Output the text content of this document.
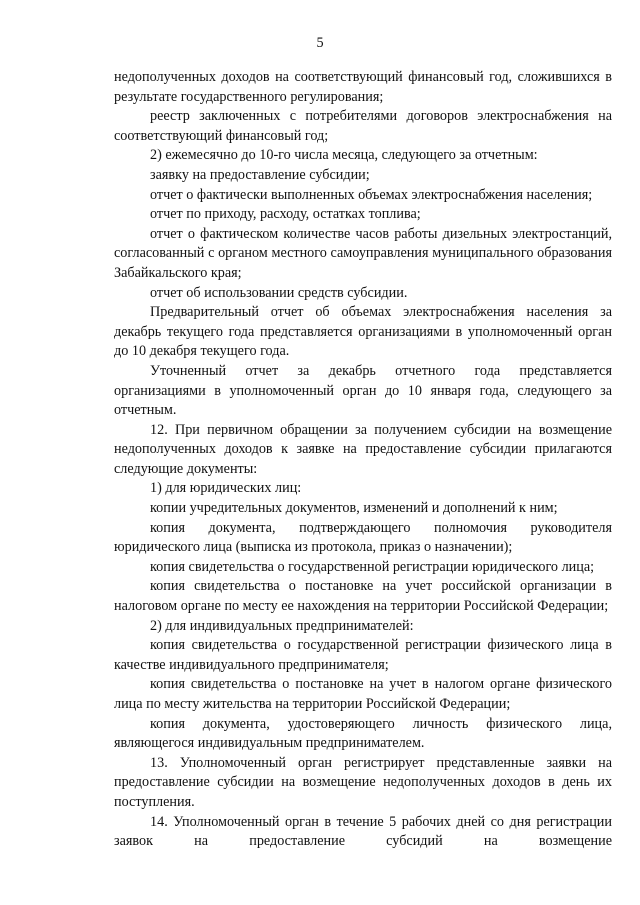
5

недополученных доходов на соответствующий финансовый год, сложившихся в результате государственного регулирования;

реестр заключенных с потребителями договоров электроснабжения на соответствующий финансовый год;

2) ежемесячно до 10-го числа месяца, следующего за отчетным:

заявку на предоставление субсидии;

отчет о фактически выполненных объемах электроснабжения населения;

отчет по приходу, расходу, остатках топлива;

отчет о фактическом количестве часов работы дизельных электростанций, согласованный с органом местного самоуправления муниципального образования Забайкальского края;

отчет об использовании средств субсидии.

Предварительный отчет об объемах электроснабжения населения за декабрь текущего года представляется организациями в уполномоченный орган до 10 декабря текущего года.

Уточненный отчет за декабрь отчетного года представляется организациями в уполномоченный орган до 10 января года, следующего за отчетным.

12. При первичном обращении за получением субсидии на возмещение недополученных доходов к заявке на предоставление субсидии прилагаются следующие документы:

1) для юридических лиц:

копии учредительных документов, изменений и дополнений к ним;

копия документа, подтверждающего полномочия руководителя юридического лица (выписка из протокола, приказ о назначении);

копия свидетельства о государственной регистрации юридического лица;

копия свидетельства о постановке на учет российской организации в налоговом органе по месту ее нахождения на территории Российской Федерации;

2) для индивидуальных предпринимателей:

копия свидетельства о государственной регистрации физического лица в качестве индивидуального предпринимателя;

копия свидетельства о постановке на учет в налогом органе физического лица по месту жительства на территории Российской Федерации;

копия документа, удостоверяющего личность физического лица, являющегося индивидуальным предпринимателем.

13. Уполномоченный орган регистрирует представленные заявки на предоставление субсидии на возмещение недополученных доходов в день их поступления.

14. Уполномоченный орган в течение 5 рабочих дней со дня регистрации заявок на предоставление субсидий на возмещение
